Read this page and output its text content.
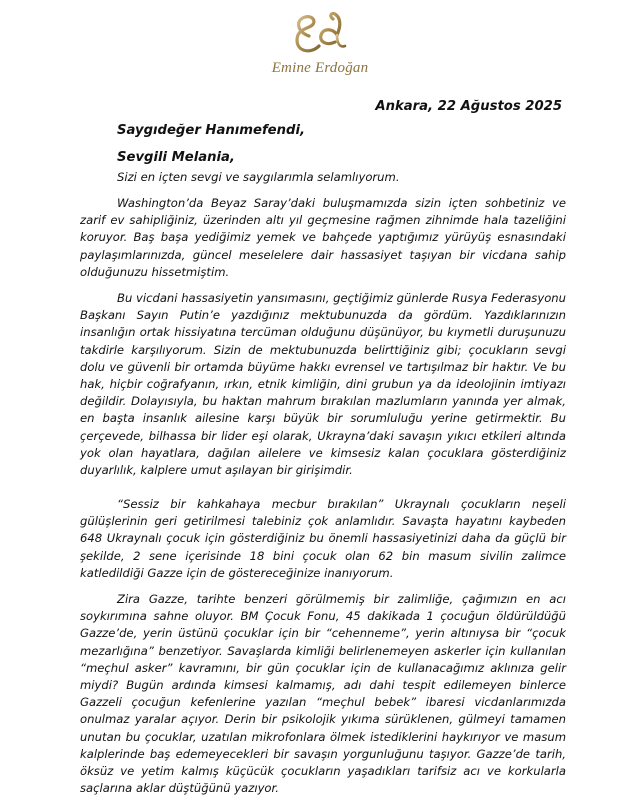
Emine Erdoğan
Ankara, 22 Ağustos 2025
Saygıdeğer Hanımefendi,
Sevgili Melania,

Sizi en içten sevgi ve saygılarımla selamlıyorum.

Washington’da Beyaz Saray’daki buluşmamızda sizin içten sohbetiniz ve zarif ev sahipliğiniz, üzerinden altı yıl geçmesine rağmen zihnimde hala tazeliğini koruyor. Baş başa yediğimiz yemek ve bahçede yaptığımız yürüyüş esnasındaki paylaşımlarınızda, güncel meselelere dair hassasiyet taşıyan bir vicdana sahip olduğunuzu hissetmiştim.

Bu vicdani hassasiyetin yansımasını, geçtiğimiz günlerde Rusya Federasyonu Başkanı Sayın Putin’e yazdığınız mektubunuzda da gördüm. Yazdıklarınızın insanlığın ortak hissiyatına tercüman olduğunu düşünüyor, bu kıymetli duruşunuzu takdirle karşılıyorum. Sizin de mektubunuzda belirttiğiniz gibi; çocukların sevgi dolu ve güvenli bir ortamda büyüme hakkı evrensel ve tartışılmaz bir haktır. Ve bu hak, hiçbir coğrafyanın, ırkın, etnik kimliğin, dini grubun ya da ideolojinin imtiyazı değildir. Dolayısıyla, bu haktan mahrum bırakılan mazlumların yanında yer almak, en başta insanlık ailesine karşı büyük bir sorumluluğu yerine getirmektir. Bu çerçevede, bilhassa bir lider eşi olarak, Ukrayna’daki savaşın yıkıcı etkileri altında yok olan hayatlara, dağılan ailelere ve kimsesiz kalan çocuklara gösterdiğiniz duyarlılık, kalplere umut aşılayan bir girişimdir.

“Sessiz bir kahkahaya mecbur bırakılan” Ukraynalı çocukların neşeli gülüşlerinin geri getirilmesi talebiniz çok anlamlıdır. Savaşta hayatını kaybeden 648 Ukraynalı çocuk için gösterdiğiniz bu önemli hassasiyetinizi daha da güçlü bir şekilde, 2 sene içerisinde 18 bini çocuk olan 62 bin masum sivilin zalimce katledildiği Gazze için de göstereceğinize inanıyorum.

Zira Gazze, tarihte benzeri görülmemiş bir zalimliğe, çağımızın en acı soykırımına sahne oluyor. BM Çocuk Fonu, 45 dakikada 1 çocuğun öldürüldüğü Gazze’de, yerin üstünü çocuklar için bir “cehenneme”, yerin altınıysa bir “çocuk mezarlığına” benzetiyor. Savaşlarda kimliği belirlenemeyen askerler için kullanılan “meçhul asker” kavramını, bir gün çocuklar için de kullanacağımız aklınıza gelir miydi? Bugün ardında kimsesi kalmamış, adı dahi tespit edilemeyen binlerce Gazzeli çocuğun kefenlerine yazılan “meçhul bebek” ibaresi vicdanlarımızda onulmaz yaralar açıyor. Derin bir psikolojik yıkıma sürüklenen, gülmeyi tamamen unutan bu çocuklar, uzatılan mikrofonlara ölmek istediklerini haykırıyor ve masum kalplerinde baş edemeyecekleri bir savaşın yorgunluğunu taşıyor. Gazze’de tarih, öksüz ve yetim kalmış küçücük çocukların yaşadıkları tarifsiz acı ve korkularla saçlarına aklar düştüğünü yazıyor.
